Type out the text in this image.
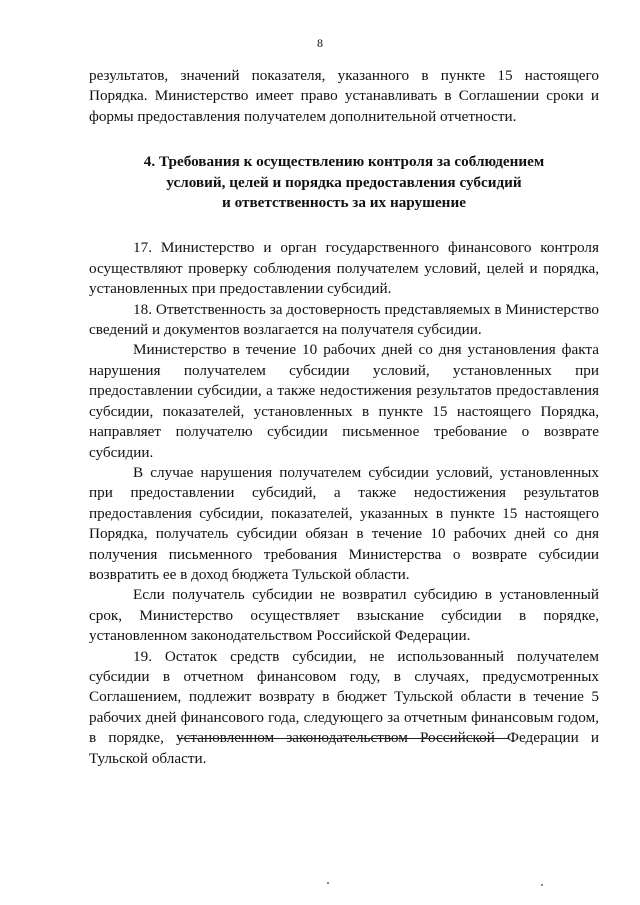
8

результатов, значений показателя, указанного в пункте 15 настоящего Порядка. Министерство имеет право устанавливать в Соглашении сроки и формы предоставления получателем дополнительной отчетности.

4. Требования к осуществлению контроля за соблюдением
условий, целей и порядка предоставления субсидий
и ответственность за их нарушение

17. Министерство и орган государственного финансового контроля осуществляют проверку соблюдения получателем условий, целей и порядка, установленных при предоставлении субсидий.

18. Ответственность за достоверность представляемых в Министерство сведений и документов возлагается на получателя субсидии.

Министерство в течение 10 рабочих дней со дня установления факта нарушения получателем субсидии условий, установленных при предоставлении субсидии, а также недостижения результатов предоставления субсидии, показателей, установленных в пункте 15 настоящего Порядка, направляет получателю субсидии письменное требование о возврате субсидии.

В случае нарушения получателем субсидии условий, установленных при предоставлении субсидий, а также недостижения результатов предоставления субсидии, показателей, указанных в пункте 15 настоящего Порядка, получатель субсидии обязан в течение 10 рабочих дней со дня получения письменного требования Министерства о возврате субсидии возвратить ее в доход бюджета Тульской области.

Если получатель субсидии не возвратил субсидию в установленный срок, Министерство осуществляет взыскание субсидии в порядке, установленном законодательством Российской Федерации.

19. Остаток средств субсидии, не использованный получателем субсидии в отчетном финансовом году, в случаях, предусмотренных Соглашением, подлежит возврату в бюджет Тульской области в течение 5 рабочих дней финансового года, следующего за отчетным финансовым годом, в порядке, установленном законодательством Российской Федерации и Тульской области.
